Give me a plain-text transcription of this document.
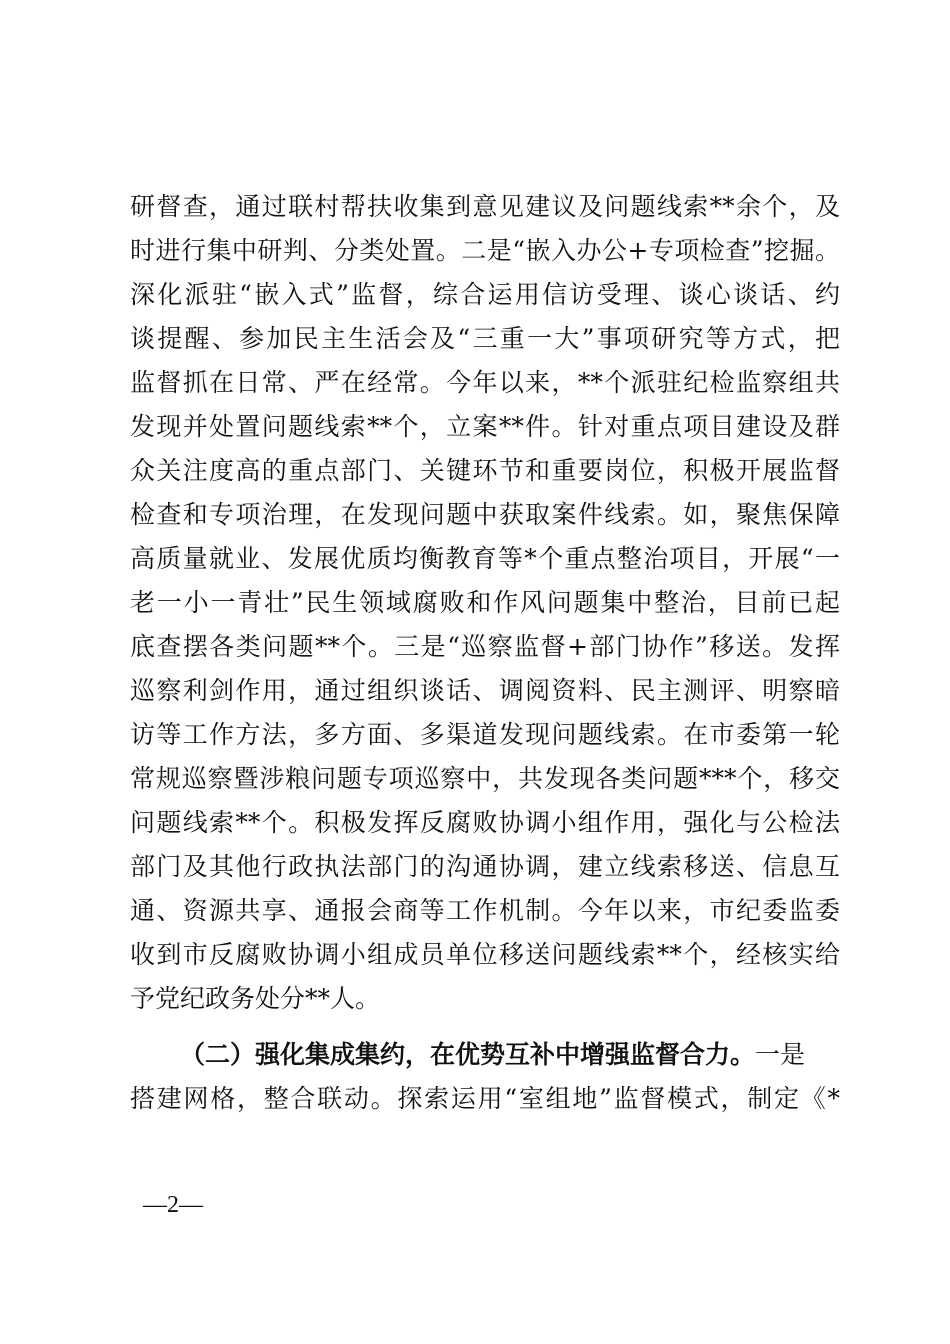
研督查，通过联村帮扶收集到意见建议及问题线索**余个，及
时进行集中研判、分类处置。二是“嵌入办公+专项检查”挖掘。
深化派驻“嵌入式”监督，综合运用信访受理、谈心谈话、约
谈提醒、参加民主生活会及“三重一大”事项研究等方式，把
监督抓在日常、严在经常。今年以来，**个派驻纪检监察组共
发现并处置问题线索**个，立案**件。针对重点项目建设及群
众关注度高的重点部门、关键环节和重要岗位，积极开展监督
检查和专项治理，在发现问题中获取案件线索。如，聚焦保障
高质量就业、发展优质均衡教育等*个重点整治项目，开展“一
老一小一青壮”民生领域腐败和作风问题集中整治，目前已起
底查摆各类问题**个。三是“巡察监督+部门协作”移送。发挥
巡察利剑作用，通过组织谈话、调阅资料、民主测评、明察暗
访等工作方法，多方面、多渠道发现问题线索。在市委第一轮
常规巡察暨涉粮问题专项巡察中，共发现各类问题***个，移交
问题线索**个。积极发挥反腐败协调小组作用，强化与公检法
部门及其他行政执法部门的沟通协调，建立线索移送、信息互
通、资源共享、通报会商等工作机制。今年以来，市纪委监委
收到市反腐败协调小组成员单位移送问题线索**个，经核实给
予党纪政务处分**人。
（二）强化集成集约，在优势互补中增强监督合力。一是
搭建网格，整合联动。探索运用“室组地”监督模式，制定《*
—2—
